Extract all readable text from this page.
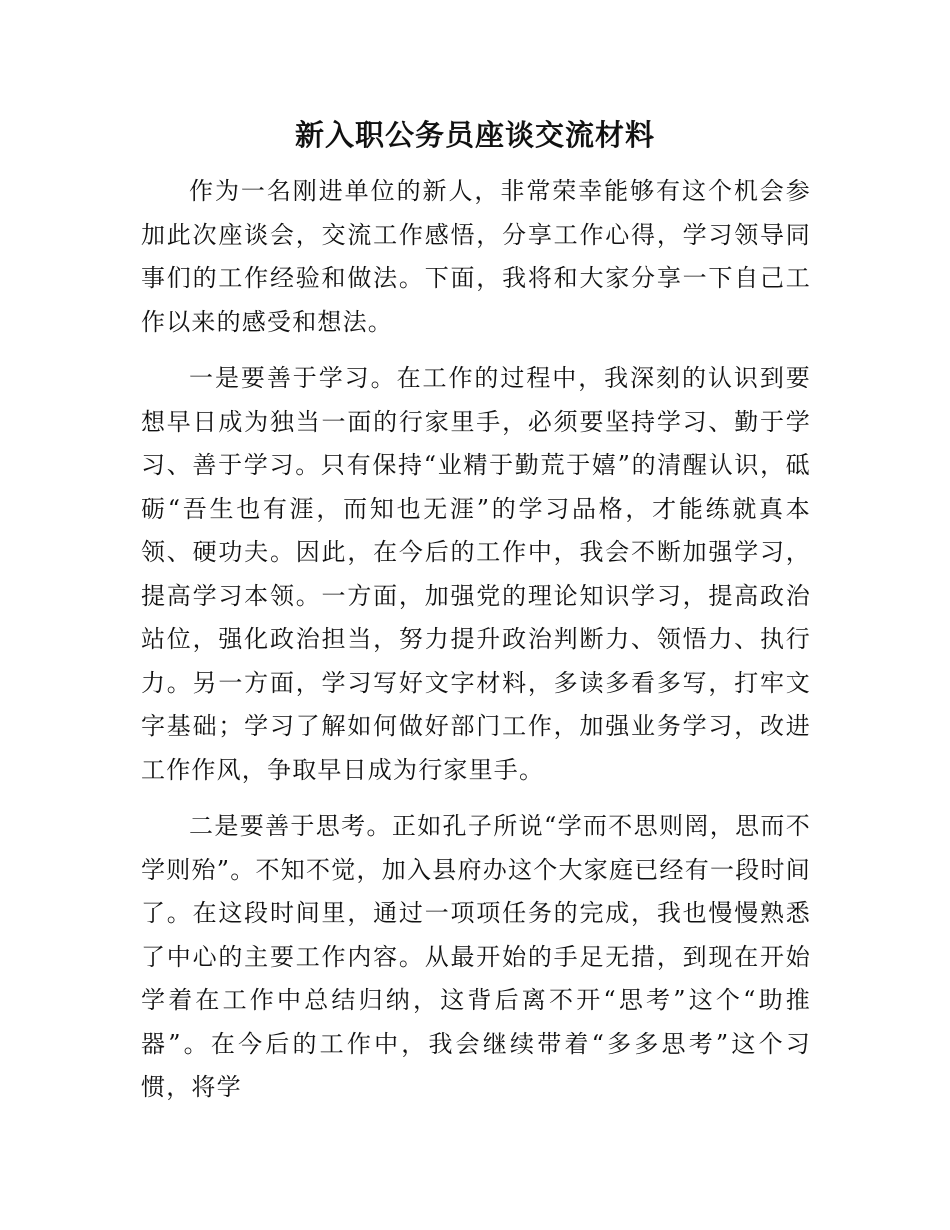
新入职公务员座谈交流材料

作为一名刚进单位的新人，非常荣幸能够有这个机会参加此次座谈会，交流工作感悟，分享工作心得，学习领导同事们的工作经验和做法。下面，我将和大家分享一下自己工作以来的感受和想法。

一是要善于学习。在工作的过程中，我深刻的认识到要想早日成为独当一面的行家里手，必须要坚持学习、勤于学习、善于学习。只有保持“业精于勤荒于嬉”的清醒认识，砥砺“吾生也有涯，而知也无涯”的学习品格，才能练就真本领、硬功夫。因此，在今后的工作中，我会不断加强学习，提高学习本领。一方面，加强党的理论知识学习，提高政治站位，强化政治担当，努力提升政治判断力、领悟力、执行力。另一方面，学习写好文字材料，多读多看多写，打牢文字基础；学习了解如何做好部门工作，加强业务学习，改进工作作风，争取早日成为行家里手。

二是要善于思考。正如孔子所说“学而不思则罔，思而不学则殆”。不知不觉，加入县府办这个大家庭已经有一段时间了。在这段时间里，通过一项项任务的完成，我也慢慢熟悉了中心的主要工作内容。从最开始的手足无措，到现在开始学着在工作中总结归纳，这背后离不开“思考”这个“助推器”。在今后的工作中，我会继续带着“多多思考”这个习惯，将学
